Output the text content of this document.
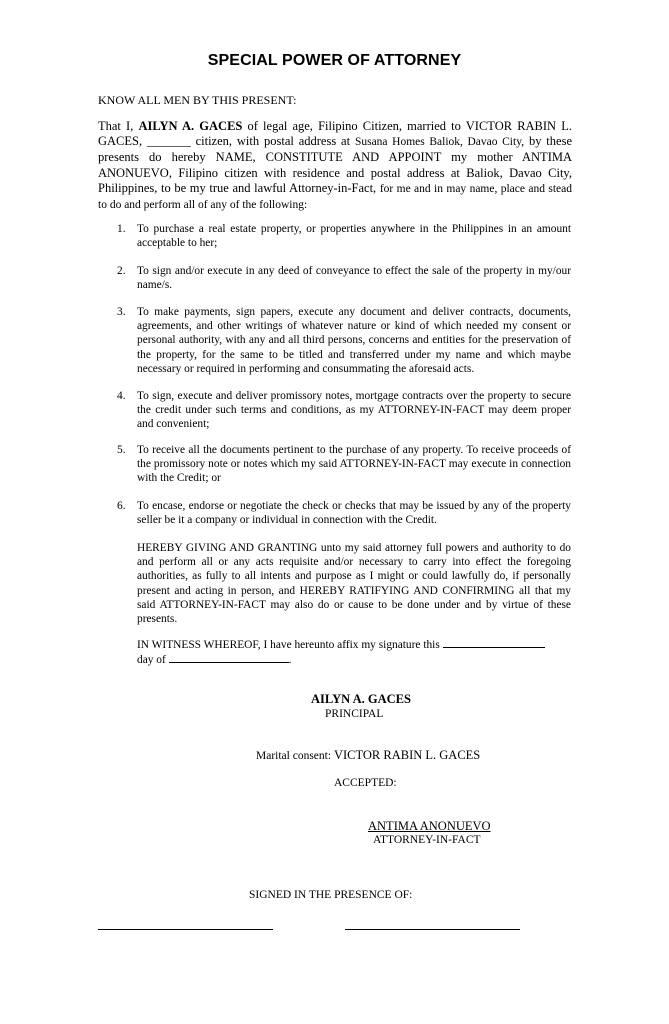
SPECIAL POWER OF ATTORNEY
KNOW ALL MEN BY THIS PRESENT:
That I, AILYN A. GACES of legal age, Filipino Citizen, married to VICTOR RABIN L. GACES, _______ citizen, with postal address at Susana Homes Baliok, Davao City, by these presents do hereby NAME, CONSTITUTE AND APPOINT my mother ANTIMA ANONUEVO, Filipino citizen with residence and postal address at Baliok, Davao City, Philippines, to be my true and lawful Attorney-in-Fact, for me and in may name, place and stead to do and perform all of any of the following:
1. To purchase a real estate property, or properties anywhere in the Philippines in an amount acceptable to her;
2. To sign and/or execute in any deed of conveyance to effect the sale of the property in my/our name/s.
3. To make payments, sign papers, execute any document and deliver contracts, documents, agreements, and other writings of whatever nature or kind of which needed my consent or personal authority, with any and all third persons, concerns and entities for the preservation of the property, for the same to be titled and transferred under my name and which maybe necessary or required in performing and consummating the aforesaid acts.
4. To sign, execute and deliver promissory notes, mortgage contracts over the property to secure the credit under such terms and conditions, as my ATTORNEY-IN-FACT may deem proper and convenient;
5. To receive all the documents pertinent to the purchase of any property. To receive proceeds of the promissory note or notes which my said ATTORNEY-IN-FACT may execute in connection with the Credit; or
6. To encase, endorse or negotiate the check or checks that may be issued by any of the property seller be it a company or individual in connection with the Credit.
HEREBY GIVING AND GRANTING unto my said attorney full powers and authority to do and perform all or any acts requisite and/or necessary to carry into effect the foregoing authorities, as fully to all intents and purpose as I might or could lawfully do, if personally present and acting in person, and HEREBY RATIFYING AND CONFIRMING all that my said ATTORNEY-IN-FACT may also do or cause to be done under and by virtue of these presents.
IN WITNESS WHEREOF, I have hereunto affix my signature this
day of	.
AILYN A. GACES
PRINCIPAL
Marital consent: VICTOR RABIN L. GACES
ACCEPTED:
ANTIMA ANONUEVO
ATTORNEY-IN-FACT
SIGNED IN THE PRESENCE OF:
